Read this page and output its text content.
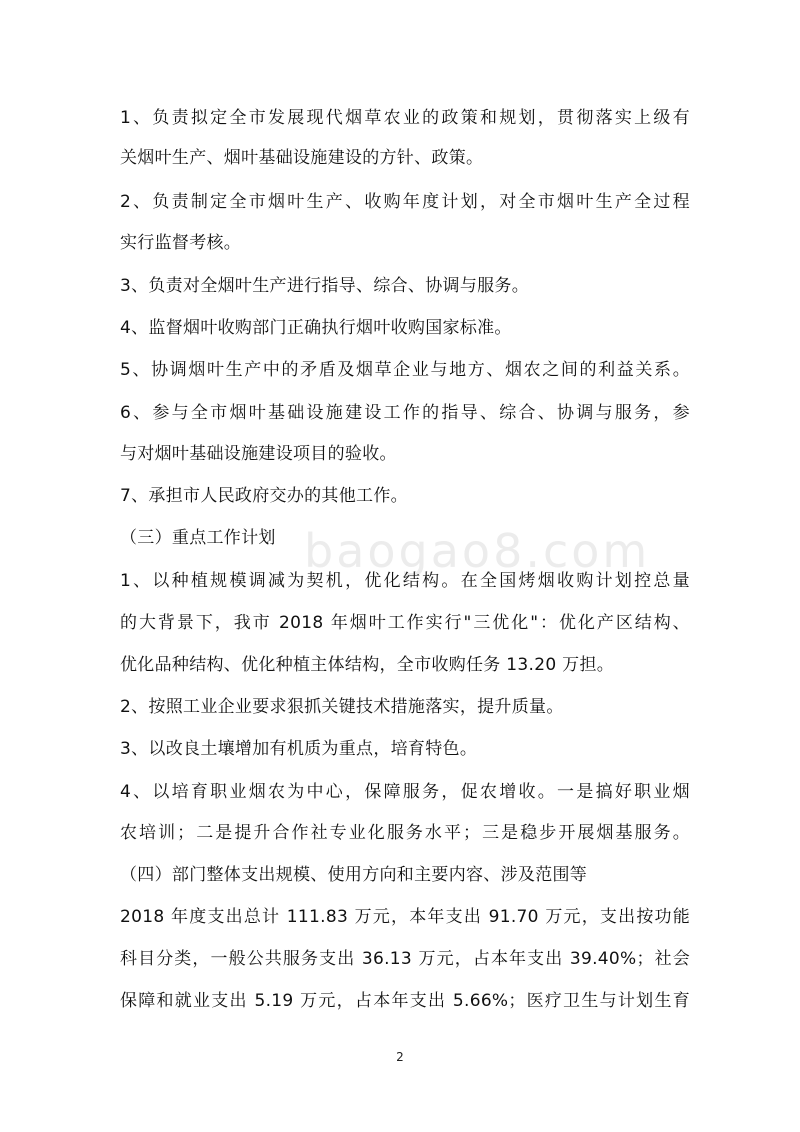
baogao8.com
1、负责拟定全市发展现代烟草农业的政策和规划，贯彻落实上级有
关烟叶生产、烟叶基础设施建设的方针、政策。
2、负责制定全市烟叶生产、收购年度计划，对全市烟叶生产全过程
实行监督考核。
3、负责对全烟叶生产进行指导、综合、协调与服务。
4、监督烟叶收购部门正确执行烟叶收购国家标准。
5、协调烟叶生产中的矛盾及烟草企业与地方、烟农之间的利益关系。
6、参与全市烟叶基础设施建设工作的指导、综合、协调与服务，参
与对烟叶基础设施建设项目的验收。
7、承担市人民政府交办的其他工作。
（三）重点工作计划
1、以种植规模调减为契机，优化结构。在全国烤烟收购计划控总量
的大背景下，我市 2018 年烟叶工作实行"三优化"：优化产区结构、
优化品种结构、优化种植主体结构，全市收购任务 13.20 万担。
2、按照工业企业要求狠抓关键技术措施落实，提升质量。
3、以改良土壤增加有机质为重点，培育特色。
4、以培育职业烟农为中心，保障服务，促农增收。一是搞好职业烟
农培训；二是提升合作社专业化服务水平；三是稳步开展烟基服务。
（四）部门整体支出规模、使用方向和主要内容、涉及范围等
2018 年度支出总计 111.83 万元，本年支出 91.70 万元，支出按功能
科目分类，一般公共服务支出 36.13 万元，占本年支出 39.40%；社会
保障和就业支出 5.19 万元，占本年支出 5.66%；医疗卫生与计划生育
2
